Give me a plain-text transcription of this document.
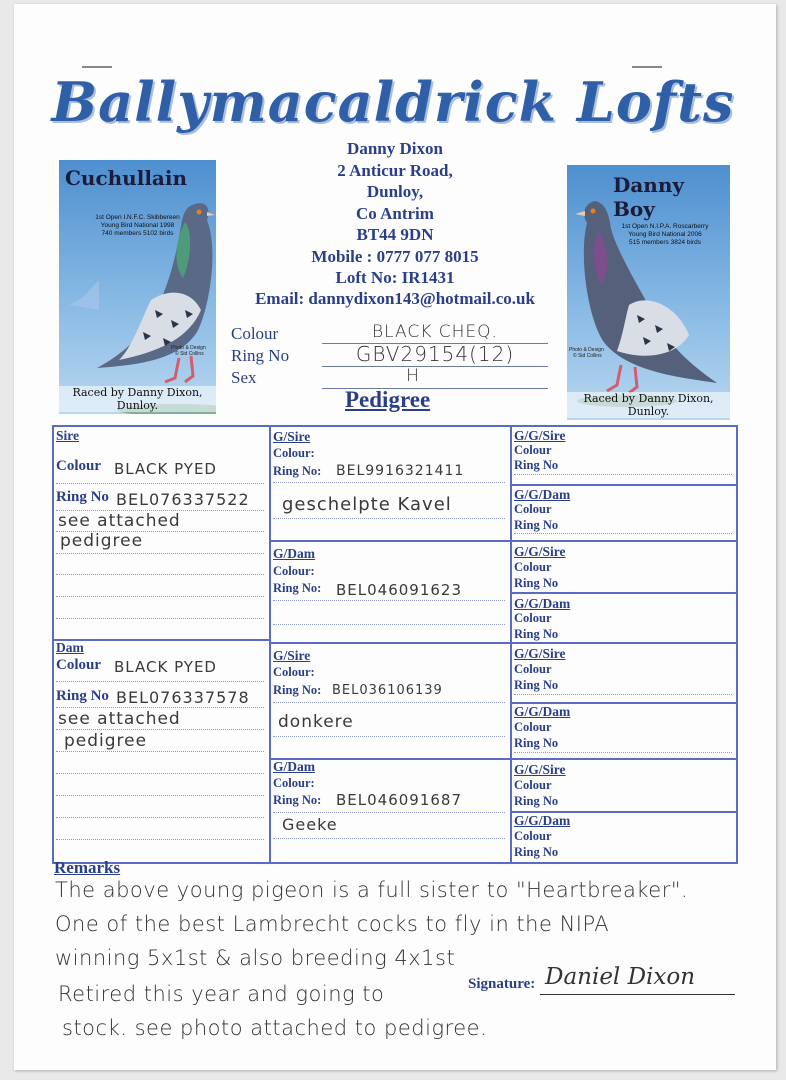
Ballymacaldrick Lofts
Cuchullain
1st Open I.N.F.C. Skibbereen
Young Bird National 1998
740 members 5102 birds
Photo & Design
© Sid Collins
Raced by Danny Dixon, Dunloy.
Danny Boy
1st Open N.I.P.A. Roscarberry
Young Bird National 2006
515 members 3824 birds
Photo & Design
© Sid Collins
Raced by Danny Dixon, Dunloy.
Danny Dixon
2 Anticur Road,
Dunloy,
Co Antrim
BT44 9DN
Mobile : 0777 077 8015
Loft No: IR1431
Email: dannydixon143@hotmail.co.uk
Colour	BLACK CHEQ.
Ring No	GBV29154(12)
Sex	H
Pedigree
Sire
Colour BLACK PYED
Ring No BEL076337522
see attached
pedigree
Dam
Colour BLACK PYED
Ring No BEL076337578
see attached
pedigree
G/Sire
Colour:
Ring No: BEL9916321411
geschelpte Kavel
G/Dam
Colour:
Ring No: BEL046091623
G/Sire
Colour:
Ring No: BEL036106139
donkere
G/Dam
Colour:
Ring No: BEL046091687
Geeke
G/G/Sire
Colour
Ring No
G/G/Dam
Colour
Ring No
G/G/Sire
Colour
Ring No
G/G/Dam
Colour
Ring No
G/G/Sire
Colour
Ring No
G/G/Dam
Colour
Ring No
G/G/Sire
Colour
Ring No
G/G/Dam
Colour
Ring No
Remarks
The above young pigeon is a full sister to "Heartbreaker".
One of the best Lambrecht cocks to fly in the NIPA
winning 5x1st & also breeding 4x1st
Retired this year and going to
stock. see photo attached to pedigree.
Signature: Daniel Dixon
